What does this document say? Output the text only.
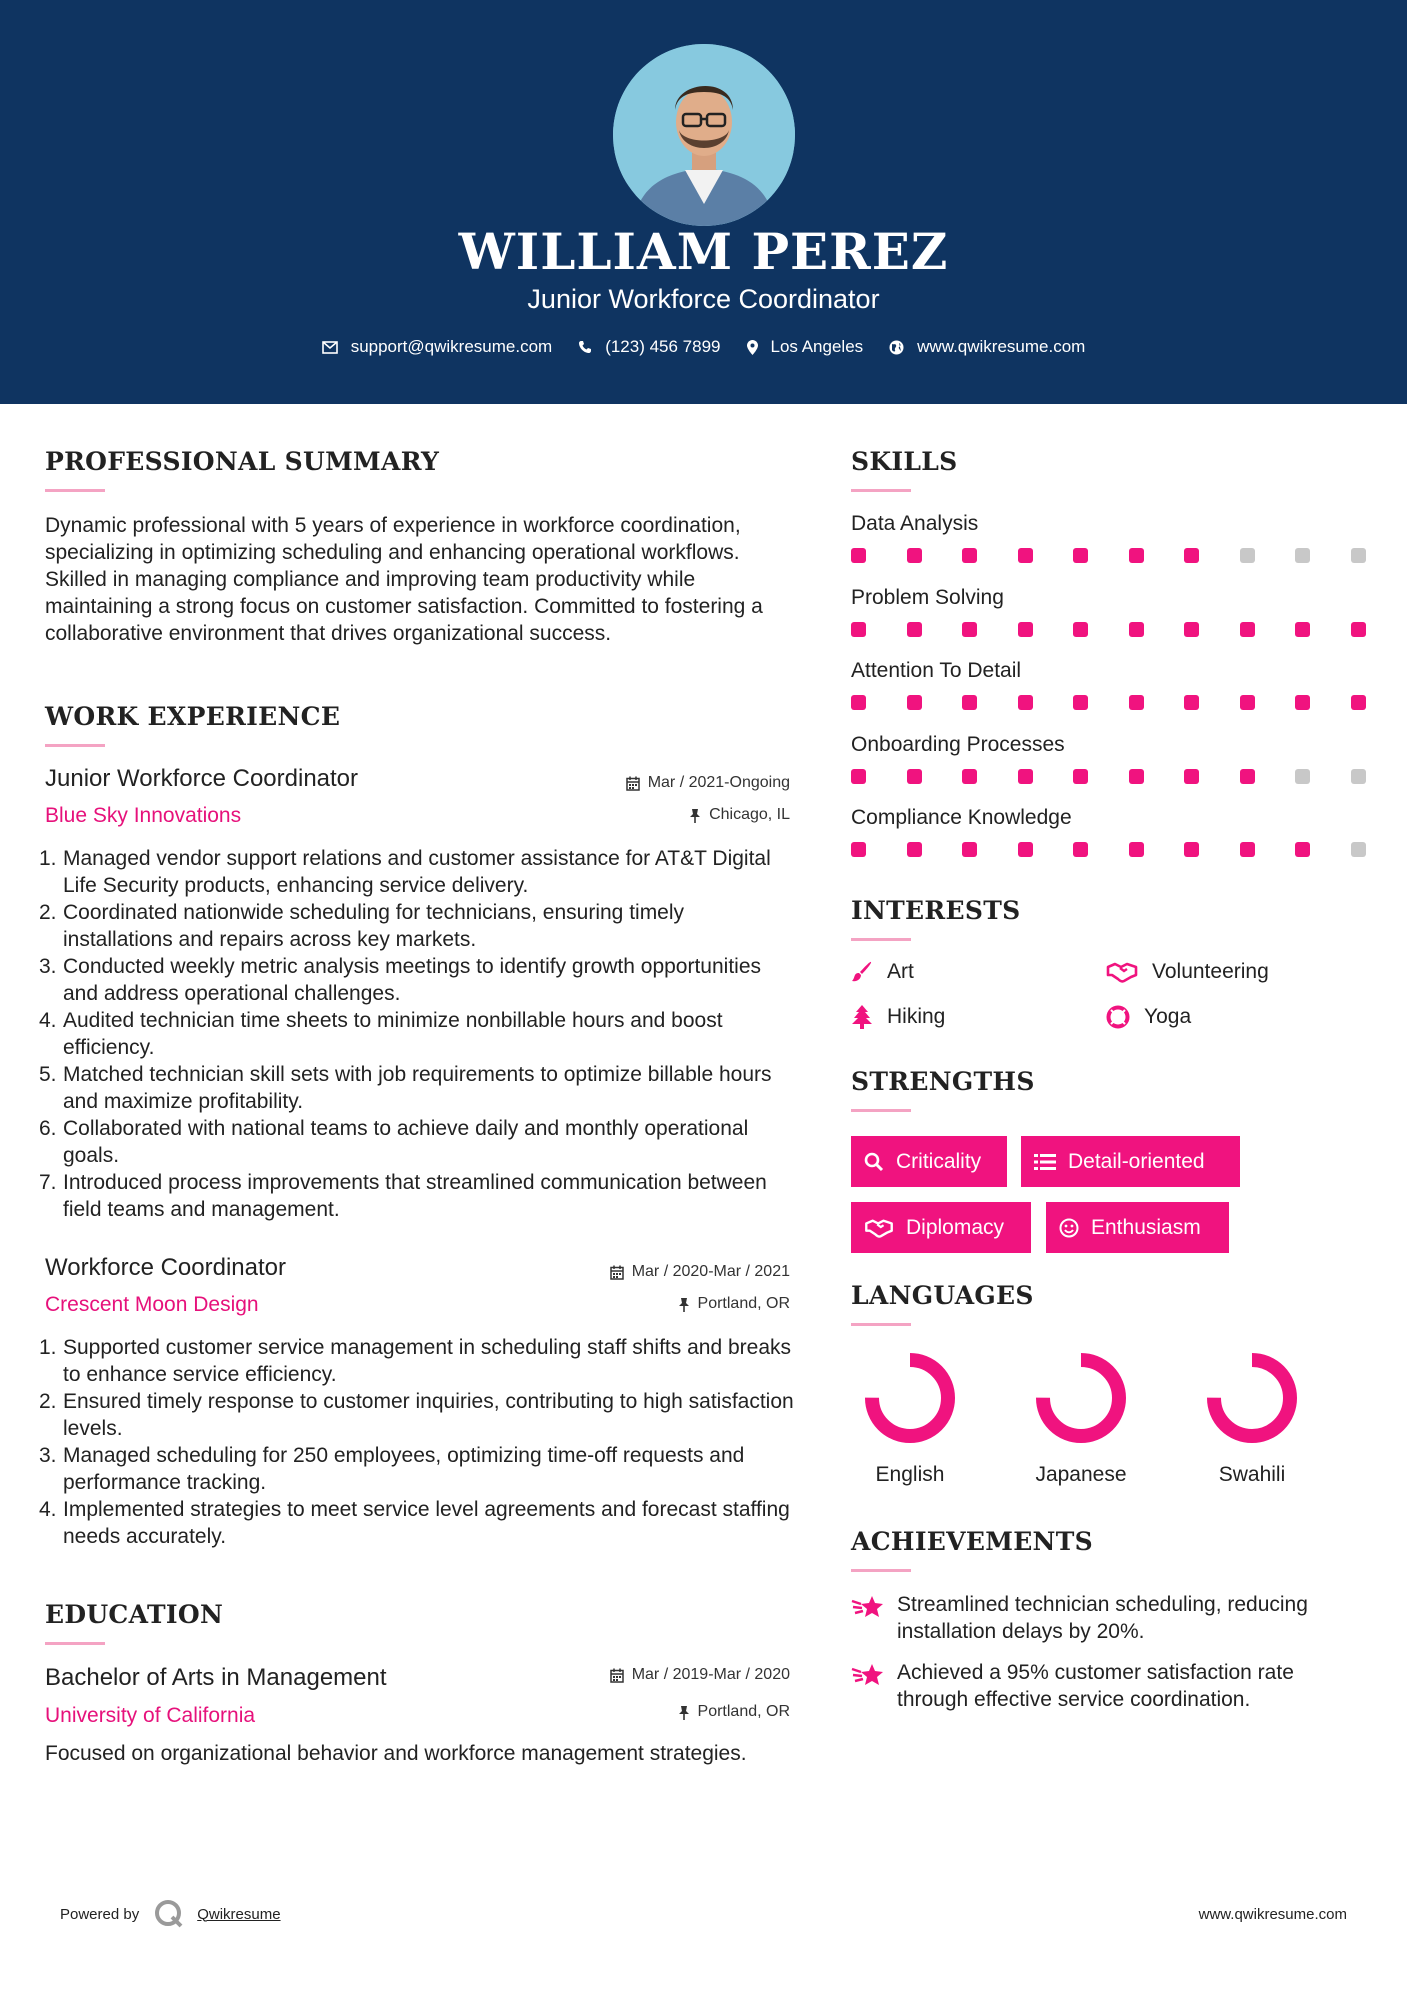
WILLIAM PEREZ
Junior Workforce Coordinator
support@qwikresume.com	(123) 456 7899	Los Angeles	www.qwikresume.com
PROFESSIONAL SUMMARY
Dynamic professional with 5 years of experience in workforce coordination, specializing in optimizing scheduling and enhancing operational workflows. Skilled in managing compliance and improving team productivity while maintaining a strong focus on customer satisfaction. Committed to fostering a collaborative environment that drives organizational success.
WORK EXPERIENCE
Junior Workforce Coordinator
Blue Sky Innovations
Mar / 2021-Ongoing
Chicago, IL
1. Managed vendor support relations and customer assistance for AT&T Digital Life Security products, enhancing service delivery.
2. Coordinated nationwide scheduling for technicians, ensuring timely installations and repairs across key markets.
3. Conducted weekly metric analysis meetings to identify growth opportunities and address operational challenges.
4. Audited technician time sheets to minimize nonbillable hours and boost efficiency.
5. Matched technician skill sets with job requirements to optimize billable hours and maximize profitability.
6. Collaborated with national teams to achieve daily and monthly operational goals.
7. Introduced process improvements that streamlined communication between field teams and management.
Workforce Coordinator
Crescent Moon Design
Mar / 2020-Mar / 2021
Portland, OR
1. Supported customer service management in scheduling staff shifts and breaks to enhance service efficiency.
2. Ensured timely response to customer inquiries, contributing to high satisfaction levels.
3. Managed scheduling for 250 employees, optimizing time-off requests and performance tracking.
4. Implemented strategies to meet service level agreements and forecast staffing needs accurately.
EDUCATION
Bachelor of Arts in Management
University of California
Mar / 2019-Mar / 2020
Portland, OR
Focused on organizational behavior and workforce management strategies.
SKILLS
Data Analysis
Problem Solving
Attention To Detail
Onboarding Processes
Compliance Knowledge
INTERESTS
Art	Volunteering
Hiking	Yoga
STRENGTHS
Criticality	Detail-oriented
Diplomacy	Enthusiasm
LANGUAGES
English	Japanese	Swahili
ACHIEVEMENTS
Streamlined technician scheduling, reducing installation delays by 20%.
Achieved a 95% customer satisfaction rate through effective service coordination.
Powered by	Qwikresume	www.qwikresume.com
